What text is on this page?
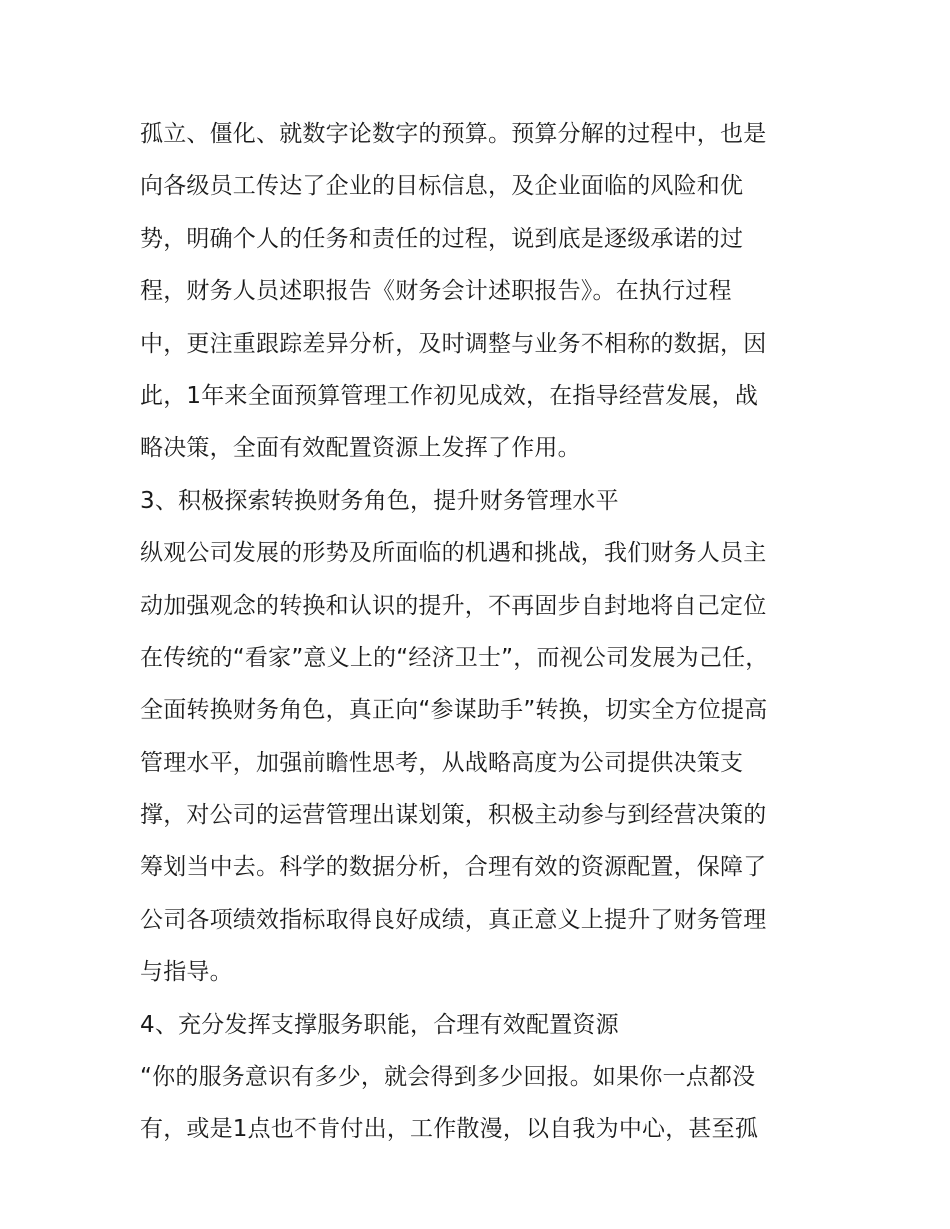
孤立、僵化、就数字论数字的预算。预算分解的过程中，也是
向各级员工传达了企业的目标信息，及企业面临的风险和优
势，明确个人的任务和责任的过程，说到底是逐级承诺的过
程，财务人员述职报告《财务会计述职报告》。在执行过程
中，更注重跟踪差异分析，及时调整与业务不相称的数据，因
此，1年来全面预算管理工作初见成效，在指导经营发展，战
略决策，全面有效配置资源上发挥了作用。
3、积极探索转换财务角色，提升财务管理水平
纵观公司发展的形势及所面临的机遇和挑战，我们财务人员主
动加强观念的转换和认识的提升，不再固步自封地将自己定位
在传统的“看家”意义上的“经济卫士”，而视公司发展为己任，
全面转换财务角色，真正向“参谋助手”转换，切实全方位提高
管理水平，加强前瞻性思考，从战略高度为公司提供决策支
撑，对公司的运营管理出谋划策，积极主动参与到经营决策的
筹划当中去。科学的数据分析，合理有效的资源配置，保障了
公司各项绩效指标取得良好成绩，真正意义上提升了财务管理
与指导。
4、充分发挥支撑服务职能，合理有效配置资源
“你的服务意识有多少，就会得到多少回报。如果你一点都没
有，或是1点也不肯付出，工作散漫，以自我为中心，甚至孤
